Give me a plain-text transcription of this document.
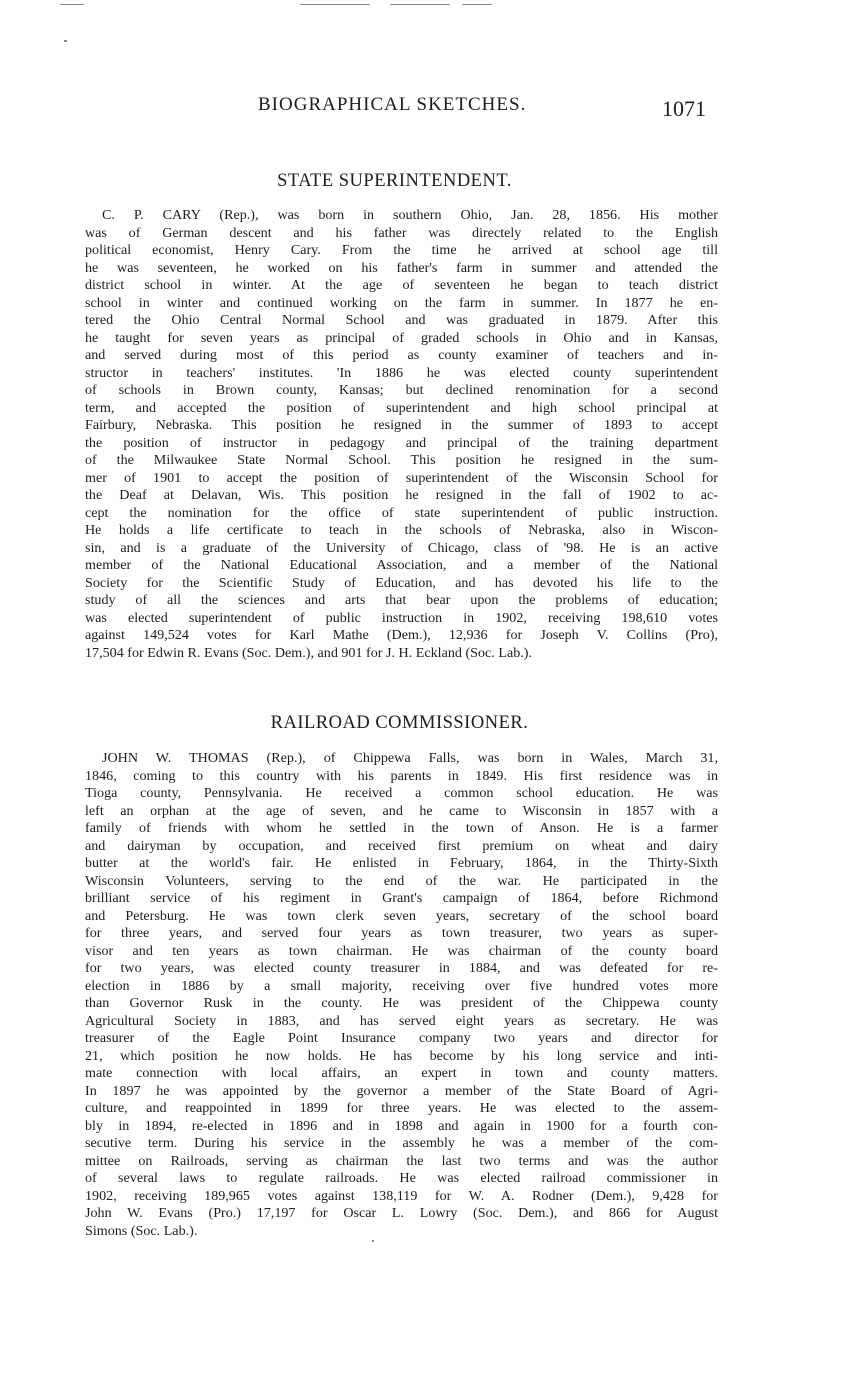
BIOGRAPHICAL SKETCHES.	1071
STATE SUPERINTENDENT.

C. P. CARY (Rep.), was born in southern Ohio, Jan. 28, 1856. His mother
was of German descent and his father was directely related to the English
political economist, Henry Cary. From the time he arrived at school age till
he was seventeen, he worked on his father's farm in summer and attended the
district school in winter. At the age of seventeen he began to teach district
school in winter and continued working on the farm in summer. In 1877 he en-
tered the Ohio Central Normal School and was graduated in 1879. After this
he taught for seven years as principal of graded schools in Ohio and in Kansas,
and served during most of this period as county examiner of teachers and in-
structor in teachers' institutes. 'In 1886 he was elected county superintendent
of schools in Brown county, Kansas; but declined renomination for a second
term, and accepted the position of superintendent and high school principal at
Fairbury, Nebraska. This position he resigned in the summer of 1893 to accept
the position of instructor in pedagogy and principal of the training department
of the Milwaukee State Normal School. This position he resigned in the sum-
mer of 1901 to accept the position of superintendent of the Wisconsin School for
the Deaf at Delavan, Wis. This position he resigned in the fall of 1902 to ac-
cept the nomination for the office of state superintendent of public instruction.
He holds a life certificate to teach in the schools of Nebraska, also in Wiscon-
sin, and is a graduate of the University of Chicago, class of '98. He is an active
member of the National Educational Association, and a member of the National
Society for the Scientific Study of Education, and has devoted his life to the
study of all the sciences and arts that bear upon the problems of education;
was elected superintendent of public instruction in 1902, receiving 198,610 votes
against 149,524 votes for Karl Mathe (Dem.), 12,936 for Joseph V. Collins (Pro),
17,504 for Edwin R. Evans (Soc. Dem.), and 901 for J. H. Eckland (Soc. Lab.).

RAILROAD COMMISSIONER.

JOHN W. THOMAS (Rep.), of Chippewa Falls, was born in Wales, March 31,
1846, coming to this country with his parents in 1849. His first residence was in
Tioga county, Pennsylvania. He received a common school education. He was
left an orphan at the age of seven, and he came to Wisconsin in 1857 with a
family of friends with whom he settled in the town of Anson. He is a farmer
and dairyman by occupation, and received first premium on wheat and dairy
butter at the world's fair. He enlisted in February, 1864, in the Thirty-Sixth
Wisconsin Volunteers, serving to the end of the war. He participated in the
brilliant service of his regiment in Grant's campaign of 1864, before Richmond
and Petersburg. He was town clerk seven years, secretary of the school board
for three years, and served four years as town treasurer, two years as super-
visor and ten years as town chairman. He was chairman of the county board
for two years, was elected county treasurer in 1884, and was defeated for re-
election in 1886 by a small majority, receiving over five hundred votes more
than Governor Rusk in the county. He was president of the Chippewa county
Agricultural Society in 1883, and has served eight years as secretary. He was
treasurer of the Eagle Point Insurance company two years and director for
21, which position he now holds. He has become by his long service and inti-
mate connection with local affairs, an expert in town and county matters.
In 1897 he was appointed by the governor a member of the State Board of Agri-
culture, and reappointed in 1899 for three years. He was elected to the assem-
bly in 1894, re-elected in 1896 and in 1898 and again in 1900 for a fourth con-
secutive term. During his service in the assembly he was a member of the com-
mittee on Railroads, serving as chairman the last two terms and was the author
of several laws to regulate railroads. He was elected railroad commissioner in
1902, receiving 189,965 votes against 138,119 for W. A. Rodner (Dem.), 9,428 for
John W. Evans (Pro.) 17,197 for Oscar L. Lowry (Soc. Dem.), and 866 for August
Simons (Soc. Lab.).
